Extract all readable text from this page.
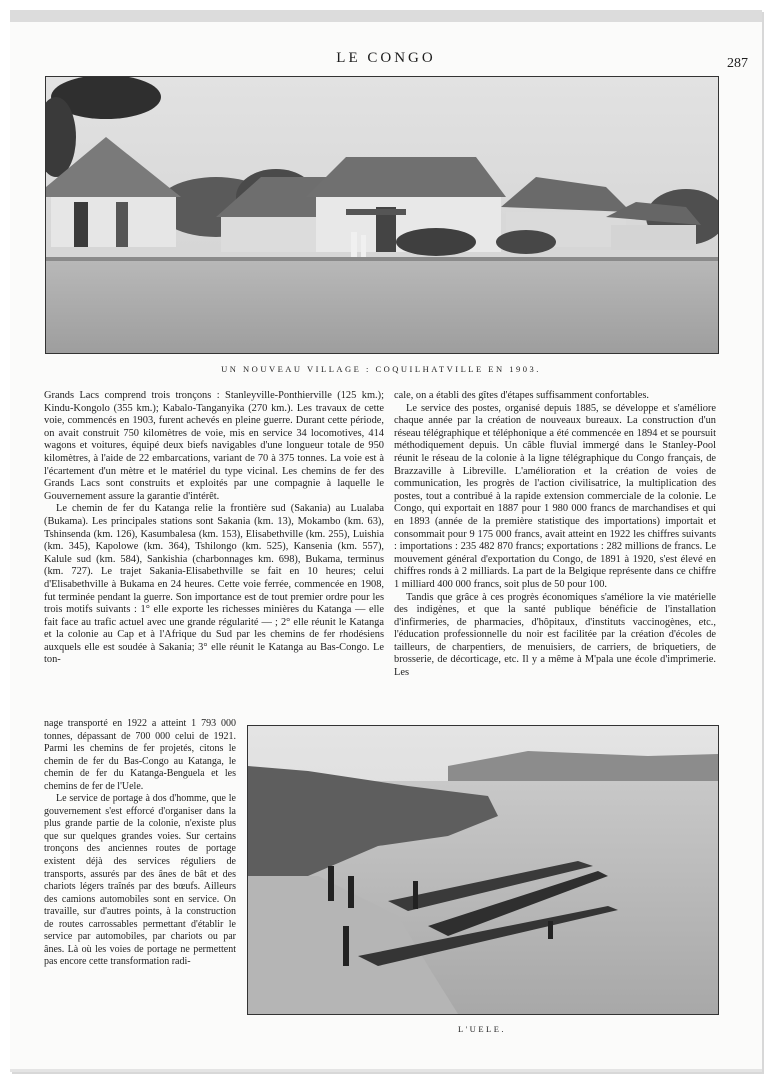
LE CONGO	287
UN NOUVEAU VILLAGE : COQUILHATVILLE EN 1903.

Grands Lacs comprend trois tronçons : Stanleyville-Ponthierville (125 km.); Kindu-Kongolo (355 km.); Kabalo-Tanganyika (270 km.). Les travaux de cette voie, commencés en 1903, furent achevés en pleine guerre. Durant cette période, on avait construit 750 kilomètres de voie, mis en service 34 locomotives, 414 wagons et voitures, équipé deux biefs navigables d'une longueur totale de 950 kilomètres, à l'aide de 22 embarcations, variant de 70 à 375 tonnes. La voie est à l'écartement d'un mètre et le matériel du type vicinal. Les chemins de fer des Grands Lacs sont construits et exploités par une compagnie à laquelle le Gouvernement assure la garantie d'intérêt.

Le chemin de fer du Katanga relie la frontière sud (Sakania) au Lualaba (Bukama). Les principales stations sont Sakania (km. 13), Mokambo (km. 63), Tshinsenda (km. 126), Kasumbalesa (km. 153), Elisabethville (km. 255), Luishia (km. 345), Kapolowe (km. 364), Tshilongo (km. 525), Kansenia (km. 557), Kalule sud (km. 584), Sankishia (charbonnages km. 698), Bukama, terminus (km. 727). Le trajet Sakania-Elisabethville se fait en 10 heures; celui d'Elisabethville à Bukama en 24 heures. Cette voie ferrée, commencée en 1908, fut terminée pendant la guerre. Son importance est de tout premier ordre pour les trois motifs suivants : 1° elle exporte les richesses minières du Katanga — elle fait face au trafic actuel avec une grande régularité — ; 2° elle réunit le Katanga et la colonie au Cap et à l'Afrique du Sud par les chemins de fer rhodésiens auxquels elle est soudée à Sakania; 3° elle réunit le Katanga au Bas-Congo. Le ton-

nage transporté en 1922 a atteint 1 793 000 tonnes, dépassant de 700 000 celui de 1921. Parmi les chemins de fer projetés, citons le chemin de fer du Bas-Congo au Katanga, le chemin de fer du Katanga-Benguela et les chemins de fer de l'Uele.

Le service de portage à dos d'homme, que le gouvernement s'est efforcé d'organiser dans la plus grande partie de la colonie, n'existe plus que sur quelques grandes voies. Sur certains tronçons des anciennes routes de portage existent déjà des services réguliers de transports, assurés par des ânes de bât et des chariots légers traînés par des bœufs. Ailleurs des camions automobiles sont en service. On travaille, sur d'autres points, à la construction de routes carrossables permettant d'établir le service par automobiles, par chariots ou par ânes. Là où les voies de portage ne permettent pas encore cette transformation radi-

cale, on a établi des gîtes d'étapes suffisamment confortables.

Le service des postes, organisé depuis 1885, se développe et s'améliore chaque année par la création de nouveaux bureaux. La construction d'un réseau télégraphique et téléphonique a été commencée en 1894 et se poursuit méthodiquement depuis. Un câble fluvial immergé dans le Stanley-Pool réunit le réseau de la colonie à la ligne télégraphique du Congo français, de Brazzaville à Libreville. L'amélioration et la création de voies de communication, les progrès de l'action civilisatrice, la multiplication des postes, tout a contribué à la rapide extension commerciale de la colonie. Le Congo, qui exportait en 1887 pour 1 980 000 francs de marchandises et qui en 1893 (année de la première statistique des importations) importait et consommait pour 9 175 000 francs, avait atteint en 1922 les chiffres suivants : importations : 235 482 870 francs; exportations : 282 millions de francs. Le mouvement général d'exportation du Congo, de 1891 à 1920, s'est élevé en chiffres ronds à 2 milliards. La part de la Belgique représente dans ce chiffre 1 milliard 400 000 francs, soit plus de 50 pour 100.

Tandis que grâce à ces progrès économiques s'améliore la vie matérielle des indigènes, et que la santé publique bénéficie de l'installation d'infirmeries, de pharmacies, d'hôpitaux, d'instituts vaccinogènes, etc., l'éducation professionnelle du noir est facilitée par la création d'écoles de tailleurs, de charpentiers, de menuisiers, de carriers, de briquetiers, de brosserie, de décorticage, etc. Il y a même à M'pala une école d'imprimerie. Les

L'UELE.
